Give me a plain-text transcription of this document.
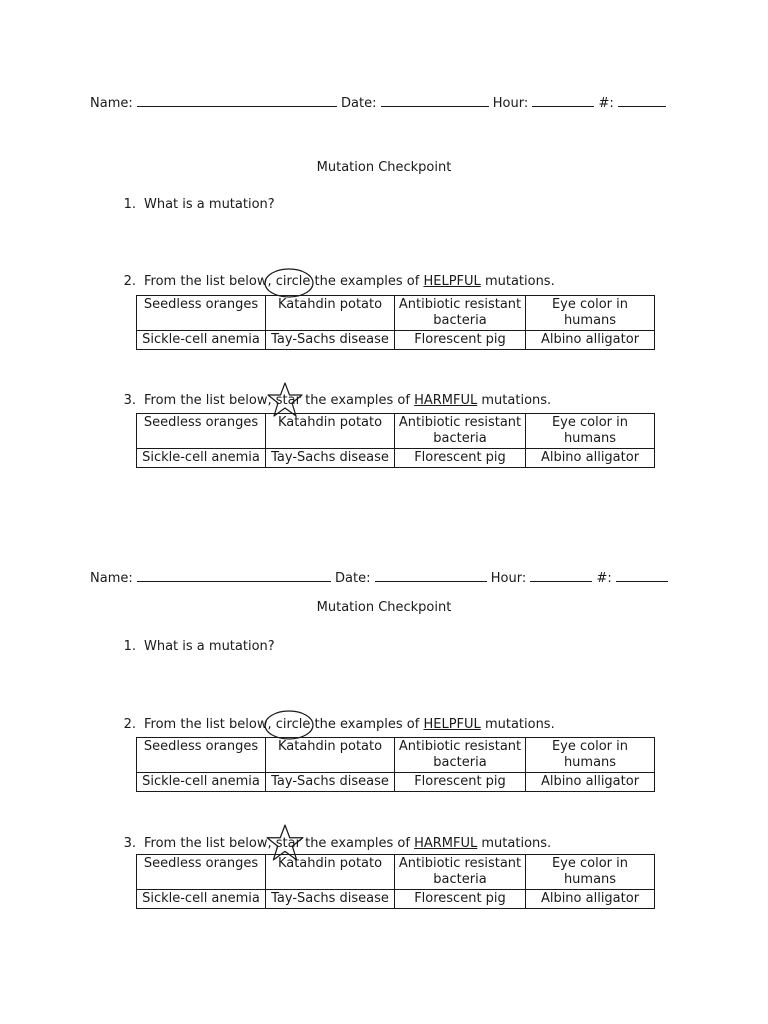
Name:	Date:	Hour:	#:
Mutation Checkpoint
1. What is a mutation?
2. From the list below, circle the examples of HELPFUL mutations.
Seedless oranges	Katahdin potato	Antibiotic resistant bacteria	Eye color in humans
Sickle-cell anemia	Tay-Sachs disease	Florescent pig	Albino alligator
3. From the list below, star the examples of HARMFUL mutations.
Seedless oranges	Katahdin potato	Antibiotic resistant bacteria	Eye color in humans
Sickle-cell anemia	Tay-Sachs disease	Florescent pig	Albino alligator
Name:	Date:	Hour:	#:
Mutation Checkpoint
1. What is a mutation?
2. From the list below, circle the examples of HELPFUL mutations.
Seedless oranges	Katahdin potato	Antibiotic resistant bacteria	Eye color in humans
Sickle-cell anemia	Tay-Sachs disease	Florescent pig	Albino alligator
3. From the list below, star the examples of HARMFUL mutations.
Seedless oranges	Katahdin potato	Antibiotic resistant bacteria	Eye color in humans
Sickle-cell anemia	Tay-Sachs disease	Florescent pig	Albino alligator
